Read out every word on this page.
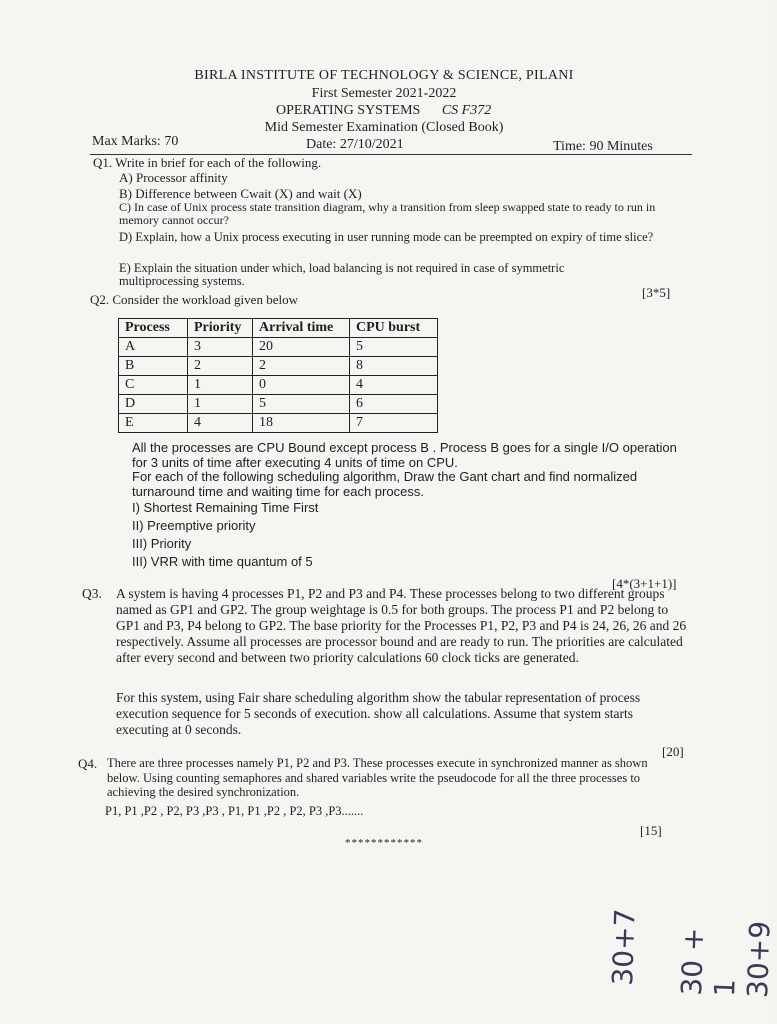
BIRLA INSTITUTE OF TECHNOLOGY & SCIENCE, PILANI
First Semester 2021-2022
OPERATING SYSTEMS CS F372
Mid Semester Examination (Closed Book)
Max Marks: 70	Date: 27/10/2021	Time: 90 Minutes
Q1. Write in brief for each of the following.
A) Processor affinity
B) Difference between Cwait (X) and wait (X)
C) In case of Unix process state transition diagram, why a transition from sleep swapped state to ready to run in memory cannot occur?
D) Explain, how a Unix process executing in user running mode can be preempted on expiry of time slice?
E) Explain the situation under which, load balancing is not required in case of symmetric multiprocessing systems.
[3*5]
Q2. Consider the workload given below
Process	Priority	Arrival time	CPU burst
A	3	20	5
B	2	2	8
C	1	0	4
D	1	5	6
E	4	18	7
All the processes are CPU Bound except process B . Process B goes for a single I/O operation for 3 units of time after executing 4 units of time on CPU.
For each of the following scheduling algorithm, Draw the Gant chart and find normalized turnaround time and waiting time for each process.
I) Shortest Remaining Time First
II) Preemptive priority
III) Priority
III) VRR with time quantum of 5
[4*(3+1+1)]
Q3. A system is having 4 processes P1, P2 and P3 and P4. These processes belong to two different groups named as GP1 and GP2. The group weightage is 0.5 for both groups. The process P1 and P2 belong to GP1 and P3, P4 belong to GP2. The base priority for the Processes P1, P2, P3 and P4 is 24, 26, 26 and 26 respectively. Assume all processes are processor bound and are ready to run. The priorities are calculated after every second and between two priority calculations 60 clock ticks are generated.
For this system, using Fair share scheduling algorithm show the tabular representation of process execution sequence for 5 seconds of execution. show all calculations. Assume that system starts executing at 0 seconds.
[20]
Q4. There are three processes namely P1, P2 and P3. These processes execute in synchronized manner as shown below. Using counting semaphores and shared variables write the pseudocode for all the three processes to achieving the desired synchronization.
P1, P1 ,P2 , P2, P3 ,P3 , P1, P1 ,P2 , P2, P3 ,P3.......
[15]
************
30+7 30 + 1 30+9
